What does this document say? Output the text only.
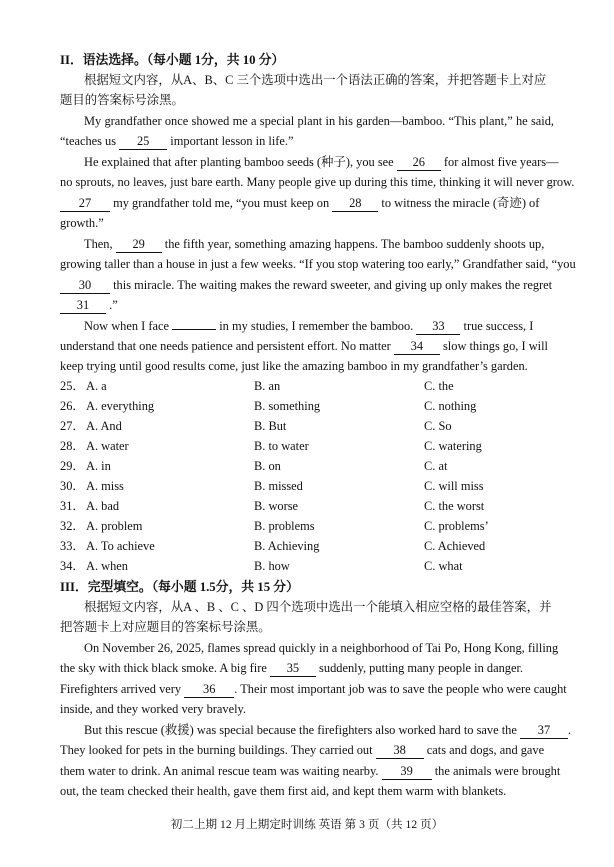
II．语法选择。（每小题 1分，共 10 分）
根据短文内容，从A、B、C 三个选项中选出一个语法正确的答案，并把答题卡上对应
题目的答案标号涂黑。
My grandfather once showed me a special plant in his garden—bamboo. “This plant,” he said,
“teaches us 25 important lesson in life.”
He explained that after planting bamboo seeds (种子), you see 26 for almost five years—
no sprouts, no leaves, just bare earth. Many people give up during this time, thinking it will never grow.
27 my grandfather told me, “you must keep on 28 to witness the miracle (奇迹) of
growth.”
Then, 29 the fifth year, something amazing happens. The bamboo suddenly shoots up,
growing taller than a house in just a few weeks. “If you stop watering too early,” Grandfather said, “you
30 this miracle. The waiting makes the reward sweeter, and giving up only makes the regret
31 .”
Now when I face	in my studies, I remember the bamboo. 33 true success, I
understand that one needs patience and persistent effort. No matter 34 slow things go, I will
keep trying until good results come, just like the amazing bamboo in my grandfather’s garden.
25． A. a	B. an	C. the
26． A. everything	B. something	C. nothing
27． A. And	B. But	C. So
28． A. water	B. to water	C. watering
29． A. in	B. on	C. at
30． A. miss	B. missed	C. will miss
31． A. bad	B. worse	C. the worst
32． A. problem	B. problems	C. problems’
33． A. To achieve	B. Achieving	C. Achieved
34． A. when	B. how	C. what
III．完型填空。（每小题 1.5分，共 15 分）
根据短文内容，从A 、B 、C 、D 四个选项中选出一个能填入相应空格的最佳答案，并
把答题卡上对应题目的答案标号涂黑。
On November 26, 2025, flames spread quickly in a neighborhood of Tai Po, Hong Kong, filling
the sky with thick black smoke. A big fire 35 suddenly, putting many people in danger.
Firefighters arrived very 36 . Their most important job was to save the people who were caught
inside, and they worked very bravely.
But this rescue (救援) was special because the firefighters also worked hard to save the 37 .
They looked for pets in the burning buildings. They carried out 38 cats and dogs, and gave
them water to drink. An animal rescue team was waiting nearby. 39 the animals were brought
out, the team checked their health, gave them first aid, and kept them warm with blankets.
初二上期 12 月上期定时训练 英语 第 3 页（共 12 页）
